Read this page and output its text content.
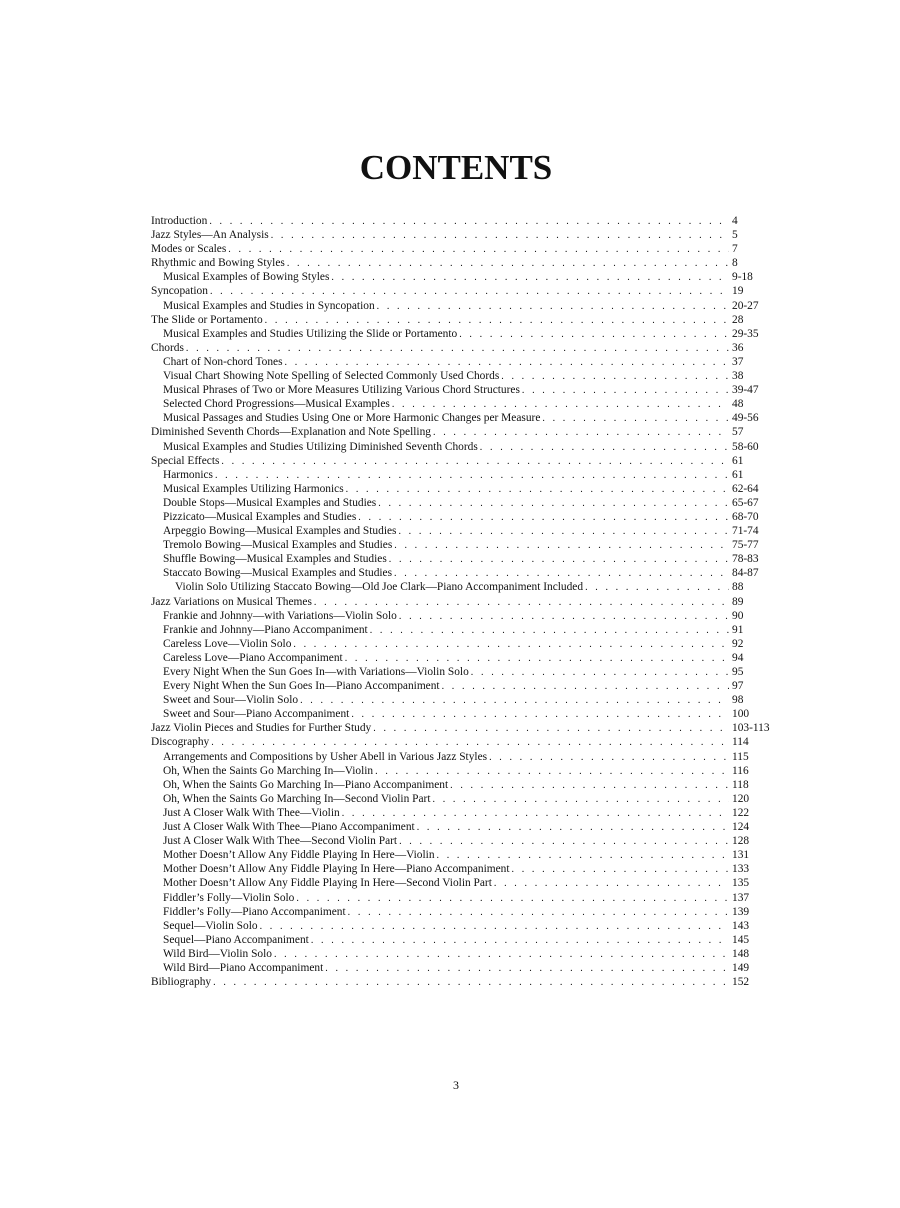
CONTENTS
Introduction . . .	4
Jazz Styles—An Analysis . . .	5
Modes or Scales . . .	7
Rhythmic and Bowing Styles . . .	8
Musical Examples of Bowing Styles . . .	9-18
Syncopation . . .	19
Musical Examples and Studies in Syncopation . . .	20-27
The Slide or Portamento . . .	28
Musical Examples and Studies Utilizing the Slide or Portamento . . .	29-35
Chords . . .	36
Chart of Non-chord Tones . . .	37
Visual Chart Showing Note Spelling of Selected Commonly Used Chords . . .	38
Musical Phrases of Two or More Measures Utilizing Various Chord Structures . . .	39-47
Selected Chord Progressions—Musical Examples . . .	48
Musical Passages and Studies Using One or More Harmonic Changes per Measure . . .	49-56
Diminished Seventh Chords—Explanation and Note Spelling . . .	57
Musical Examples and Studies Utilizing Diminished Seventh Chords . . .	58-60
Special Effects . . .	61
Harmonics . . .	61
Musical Examples Utilizing Harmonics . . .	62-64
Double Stops—Musical Examples and Studies . . .	65-67
Pizzicato—Musical Examples and Studies . . .	68-70
Arpeggio Bowing—Musical Examples and Studies . . .	71-74
Tremolo Bowing—Musical Examples and Studies . . .	75-77
Shuffle Bowing—Musical Examples and Studies . . .	78-83
Staccato Bowing—Musical Examples and Studies . . .	84-87
Violin Solo Utilizing Staccato Bowing—Old Joe Clark—Piano Accompaniment Included . . .	88
Jazz Variations on Musical Themes . . .	89
Frankie and Johnny—with Variations—Violin Solo . . .	90
Frankie and Johnny—Piano Accompaniment . . .	91
Careless Love—Violin Solo . . .	92
Careless Love—Piano Accompaniment . . .	94
Every Night When the Sun Goes In—with Variations—Violin Solo . . .	95
Every Night When the Sun Goes In—Piano Accompaniment . . .	97
Sweet and Sour—Violin Solo . . .	98
Sweet and Sour—Piano Accompaniment . . .	100
Jazz Violin Pieces and Studies for Further Study . . .	103-113
Discography . . .	114
Arrangements and Compositions by Usher Abell in Various Jazz Styles . . .	115
Oh, When the Saints Go Marching In—Violin . . .	116
Oh, When the Saints Go Marching In—Piano Accompaniment . . .	118
Oh, When the Saints Go Marching In—Second Violin Part . . .	120
Just A Closer Walk With Thee—Violin . . .	122
Just A Closer Walk With Thee—Piano Accompaniment . . .	124
Just A Closer Walk With Thee—Second Violin Part . . .	128
Mother Doesn’t Allow Any Fiddle Playing In Here—Violin . . .	131
Mother Doesn’t Allow Any Fiddle Playing In Here—Piano Accompaniment . . .	133
Mother Doesn’t Allow Any Fiddle Playing In Here—Second Violin Part . . .	135
Fiddler’s Folly—Violin Solo . . .	137
Fiddler’s Folly—Piano Accompaniment . . .	139
Sequel—Violin Solo . . .	143
Sequel—Piano Accompaniment . . .	145
Wild Bird—Violin Solo . . .	148
Wild Bird—Piano Accompaniment . . .	149
Bibliography . . .	152
3
